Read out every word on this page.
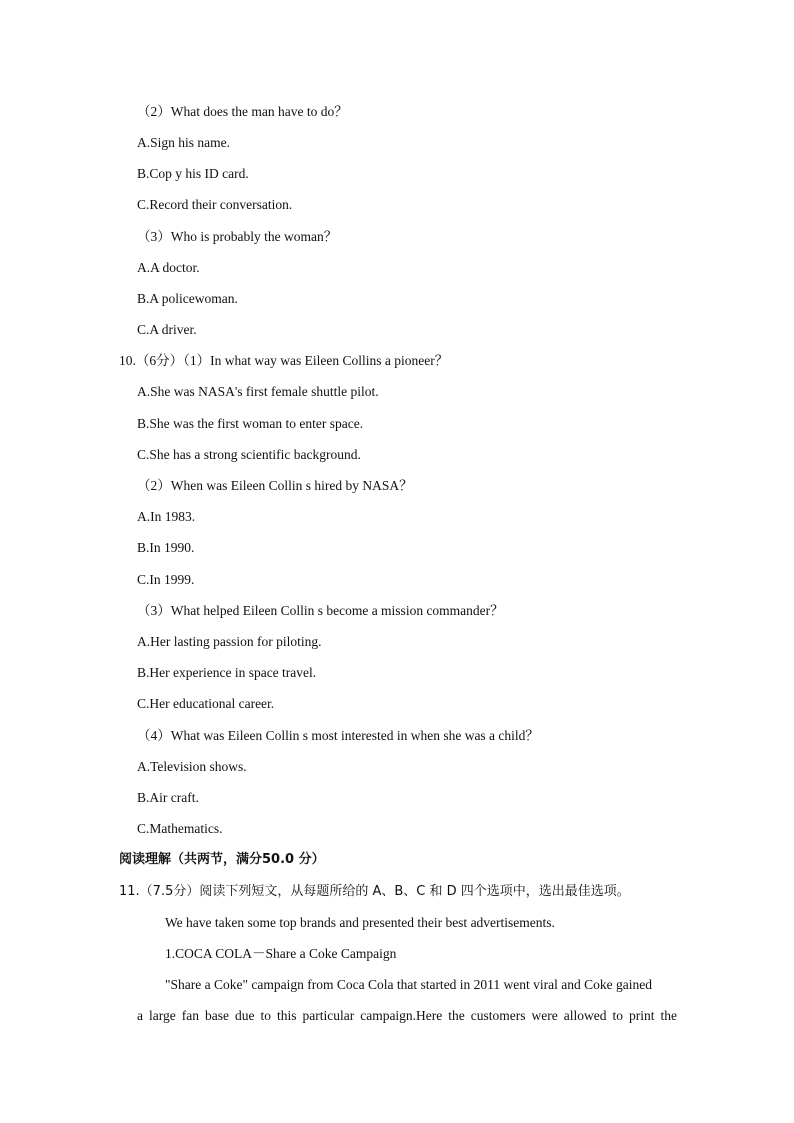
（2）What does the man have to do？
A.Sign his name.
B.Cop y his ID card.
C.Record their conversation.
（3）Who is probably the woman？
A.A doctor.
B.A policewoman.
C.A driver.
10.（6分）（1）In what way was Eileen Collins a pioneer？
A.She was NASA's first female shuttle pilot.
B.She was the first woman to enter space.
C.She has a strong scientific background.
（2）When was Eileen Collin s hired by NASA？
A.In 1983.
B.In 1990.
C.In 1999.
（3）What helped Eileen Collin s become a mission commander？
A.Her lasting passion for piloting.
B.Her experience in space travel.
C.Her educational career.
（4）What was Eileen Collin s most interested in when she was a child？
A.Television shows.
B.Air craft.
C.Mathematics.
阅读理解（共两节，满分50.0 分）
11.（7.5分）阅读下列短文，从每题所给的 A、B、C 和 D 四个选项中，选出最佳选项。
We have taken some top brands and presented their best advertisements.
1.COCA COLA－Share a Coke Campaign
"Share a Coke" campaign from Coca Cola that started in 2011 went viral and Coke gained
a large fan base due to this particular campaign.Here the customers were allowed to print the
